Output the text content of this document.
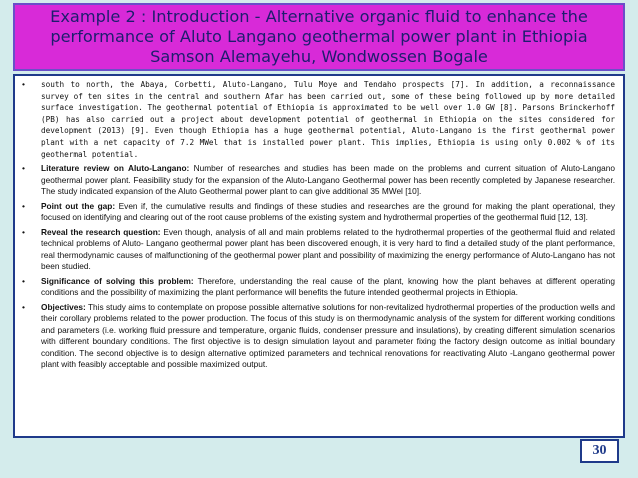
Example 2 : Introduction - Alternative organic fluid to enhance the
performance of Aluto Langano geothermal power plant in Ethiopia
Samson Alemayehu, Wondwossen Bogale
• south to north, the Abaya, Corbetti, Aluto-Langano, Tulu Moye and Tendaho prospects [7]. In addition, a reconnaissance survey of ten sites in the central and southern Afar has been carried out, some of these being followed up by more detailed surface investigation. The geothermal potential of Ethiopia is approximated to be well over 1.0 GW [8]. Parsons Brinckerhoff (PB) has also carried out a project about development potential of geothermal in Ethiopia on the sites considered for development (2013) [9]. Even though Ethiopia has a huge geothermal potential, Aluto-Langano is the first geothermal power plant with a net capacity of 7.2 MWel that is installed power plant. This implies, Ethiopia is using only 0.002 % of its geothermal potential.
• Literature review on Aluto-Langano: Number of researches and studies has been made on the problems and current situation of Aluto-Langano geothermal power plant. Feasibility study for the expansion of the Aluto-Langano Geothermal power has been recently completed by Japanese researcher. The study indicated expansion of the Aluto Geothermal power plant to can give additional 35 MWel [10].
• Point out the gap: Even if, the cumulative results and findings of these studies and researches are the ground for making the plant operational, they focused on identifying and clearing out of the root cause problems of the existing system and hydrothermal properties of the geothermal fluid [12, 13].
• Reveal the research question: Even though, analysis of all and main problems related to the hydrothermal properties of the geothermal fluid and related technical problems of Aluto- Langano geothermal power plant has been discovered enough, it is very hard to find a detailed study of the plant performance, real thermodynamic causes of malfunctioning of the geothermal power plant and possibility of maximizing the energy performance of Aluto-Langano has not been studied.
• Significance of solving this problem: Therefore, understanding the real cause of the plant, knowing how the plant behaves at different operating conditions and the possibility of maximizing the plant performance will benefits the future intended geothermal projects in Ethiopia.
• Objectives: This study aims to contemplate on propose possible alternative solutions for non-revitalized hydrothermal properties of the production wells and their corollary problems related to the power production. The focus of this study is on thermodynamic analysis of the system for different working conditions and parameters (i.e. working fluid pressure and temperature, organic fluids, condenser pressure and insulations), by creating different simulation scenarios with different boundary conditions. The first objective is to design simulation layout and parameter fixing the factory design outcome as initial boundary condition. The second objective is to design alternative optimized parameters and technical renovations for reactivating Aluto -Langano geothermal power plant with feasibly acceptable and possible maximized output.
30
